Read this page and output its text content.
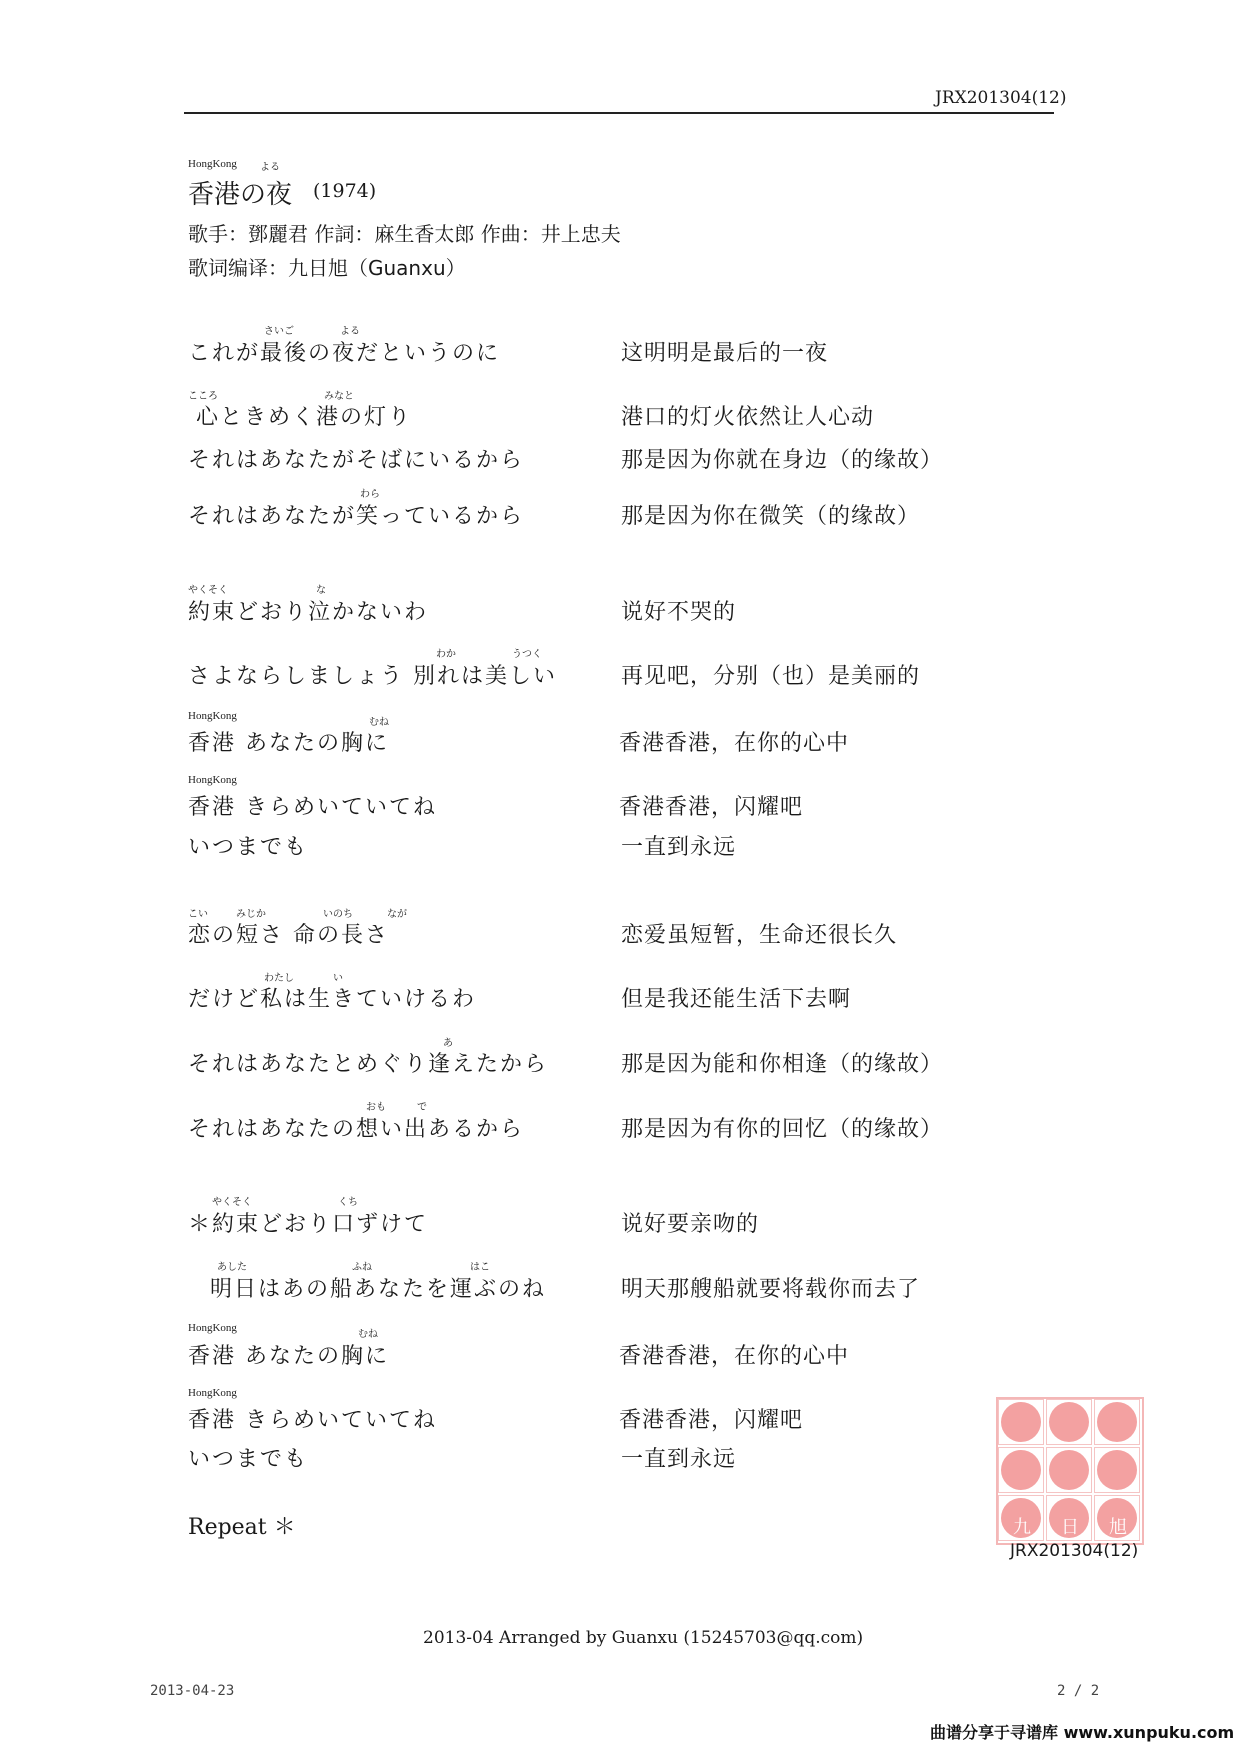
JRX201304(12)
HongKong よる
香港の夜 (1974)
歌手：鄧麗君 作詞：麻生香太郎 作曲：井上忠夫
歌词编译：九日旭（Guanxu）
さいご	よる
これが最後の夜だというのに	这明明是最后的一夜
こころ	みなと
心ときめく港の灯り	港口的灯火依然让人心动
それはあなたがそばにいるから	那是因为你就在身边（的缘故）
わら
それはあなたが笑っているから	那是因为你在微笑（的缘故）
やくそく	な
約束どおり泣かないわ	说好不哭的
わか	うつく
さよならしましょう 別れは美しい	再见吧，分别（也）是美丽的
HongKong
むね
香港 あなたの胸に	香港香港，在你的心中
HongKong
香港 きらめいていてね	香港香港，闪耀吧
いつまでも	一直到永远
こい	みじか	いのち	なが
恋の短さ 命の長さ	恋爱虽短暂，生命还很长久
わたし	い
だけど私は生きていけるわ	但是我还能生活下去啊
あ
それはあなたとめぐり逢えたから	那是因为能和你相逢（的缘故）
おも	で
それはあなたの想い出あるから	那是因为有你的回忆（的缘故）
やくそく	くち
＊約束どおり口ずけて	说好要亲吻的
あした	ふね	はこ
明日はあの船あなたを運ぶのね	明天那艘船就要将载你而去了
HongKong
むね
香港 あなたの胸に	香港香港，在你的心中
HongKong
香港 きらめいていてね	香港香港，闪耀吧
いつまでも	一直到永远
Repeat ＊	九 日 旭
JRX201304(12)
2013-04 Arranged by Guanxu (15245703@qq.com)
2013-04-23	2 / 2
曲谱分享于寻谱库 www.xunpuku.com
